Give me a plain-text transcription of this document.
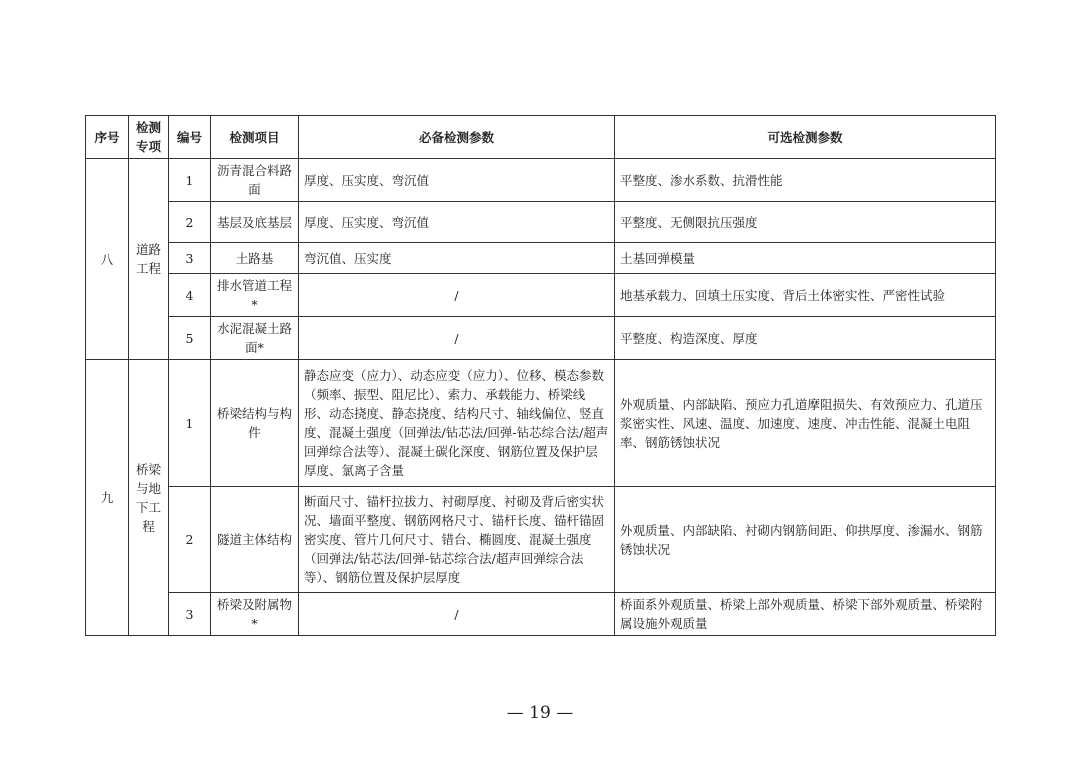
序号	检测专项	编号	检测项目	必备检测参数	可选检测参数
八	道路工程	1	沥青混合料路面	厚度、压实度、弯沉值	平整度、渗水系数、抗滑性能
		2	基层及底基层	厚度、压实度、弯沉值	平整度、无侧限抗压强度
		3	土路基	弯沉值、压实度	土基回弹模量
		4	排水管道工程*	/	地基承载力、回填土压实度、背后土体密实性、严密性试验
		5	水泥混凝土路面*	/	平整度、构造深度、厚度
九	桥梁与地下工程	1	桥梁结构与构件	静态应变（应力）、动态应变（应力）、位移、模态参数（频率、振型、阻尼比）、索力、承载能力、桥梁线形、动态挠度、静态挠度、结构尺寸、轴线偏位、竖直度、混凝土强度（回弹法/钻芯法/回弹-钻芯综合法/超声回弹综合法等）、混凝土碳化深度、钢筋位置及保护层厚度、氯离子含量	外观质量、内部缺陷、预应力孔道摩阻损失、有效预应力、孔道压浆密实性、风速、温度、加速度、速度、冲击性能、混凝土电阻率、钢筋锈蚀状况
		2	隧道主体结构	断面尺寸、锚杆拉拔力、衬砌厚度、衬砌及背后密实状况、墙面平整度、钢筋网格尺寸、锚杆长度、锚杆锚固密实度、管片几何尺寸、错台、椭圆度、混凝土强度（回弹法/钻芯法/回弹-钻芯综合法/超声回弹综合法等）、钢筋位置及保护层厚度	外观质量、内部缺陷、衬砌内钢筋间距、仰拱厚度、渗漏水、钢筋锈蚀状况
		3	桥梁及附属物*	/	桥面系外观质量、桥梁上部外观质量、桥梁下部外观质量、桥梁附属设施外观质量
— 19 —
